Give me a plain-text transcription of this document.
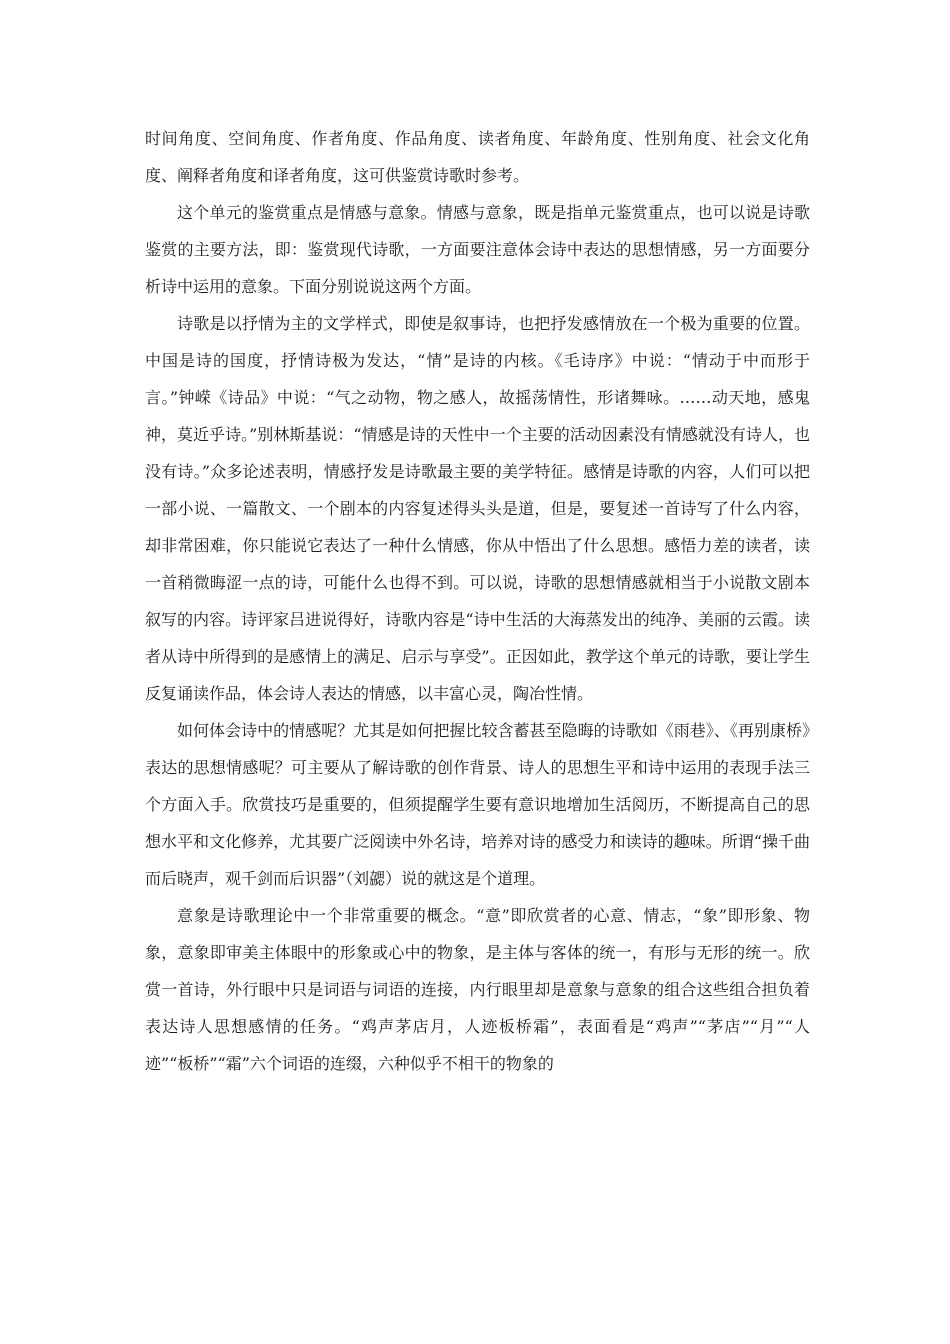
时间角度、空间角度、作者角度、作品角度、读者角度、年龄角度、性别角度、社会文化角度、阐释者角度和译者角度，这可供鉴赏诗歌时参考。

这个单元的鉴赏重点是情感与意象。情感与意象，既是指单元鉴赏重点，也可以说是诗歌鉴赏的主要方法，即：鉴赏现代诗歌，一方面要注意体会诗中表达的思想情感，另一方面要分析诗中运用的意象。下面分别说说这两个方面。

诗歌是以抒情为主的文学样式，即使是叙事诗，也把抒发感情放在一个极为重要的位置。中国是诗的国度，抒情诗极为发达，“情”是诗的内核。《毛诗序》中说：“情动于中而形于言。”钟嵘《诗品》中说：“气之动物，物之感人，故摇荡情性，形诸舞咏。……动天地，感鬼神，莫近乎诗。”别林斯基说：“情感是诗的天性中一个主要的活动因素没有情感就没有诗人，也没有诗。”众多论述表明，情感抒发是诗歌最主要的美学特征。感情是诗歌的内容，人们可以把一部小说、一篇散文、一个剧本的内容复述得头头是道，但是，要复述一首诗写了什么内容，却非常困难，你只能说它表达了一种什么情感，你从中悟出了什么思想。感悟力差的读者，读一首稍微晦涩一点的诗，可能什么也得不到。可以说，诗歌的思想情感就相当于小说散文剧本叙写的内容。诗评家吕进说得好，诗歌内容是“诗中生活的大海蒸发出的纯净、美丽的云霞。读者从诗中所得到的是感情上的满足、启示与享受”。正因如此，教学这个单元的诗歌，要让学生反复诵读作品，体会诗人表达的情感，以丰富心灵，陶冶性情。

如何体会诗中的情感呢？尤其是如何把握比较含蓄甚至隐晦的诗歌如《雨巷》、《再别康桥》表达的思想情感呢？可主要从了解诗歌的创作背景、诗人的思想生平和诗中运用的表现手法三个方面入手。欣赏技巧是重要的，但须提醒学生要有意识地增加生活阅历，不断提高自己的思想水平和文化修养，尤其要广泛阅读中外名诗，培养对诗的感受力和读诗的趣味。所谓“操千曲而后晓声，观千剑而后识器”（刘勰）说的就这是个道理。

意象是诗歌理论中一个非常重要的概念。“意”即欣赏者的心意、情志，“象”即形象、物象，意象即审美主体眼中的形象或心中的物象，是主体与客体的统一，有形与无形的统一。欣赏一首诗，外行眼中只是词语与词语的连接，内行眼里却是意象与意象的组合这些组合担负着表达诗人思想感情的任务。“鸡声茅店月，人迹板桥霜”，表面看是“鸡声”“茅店”“月”“人迹”“板桥”“霜”六个词语的连缀，六种似乎不相干的物象的
